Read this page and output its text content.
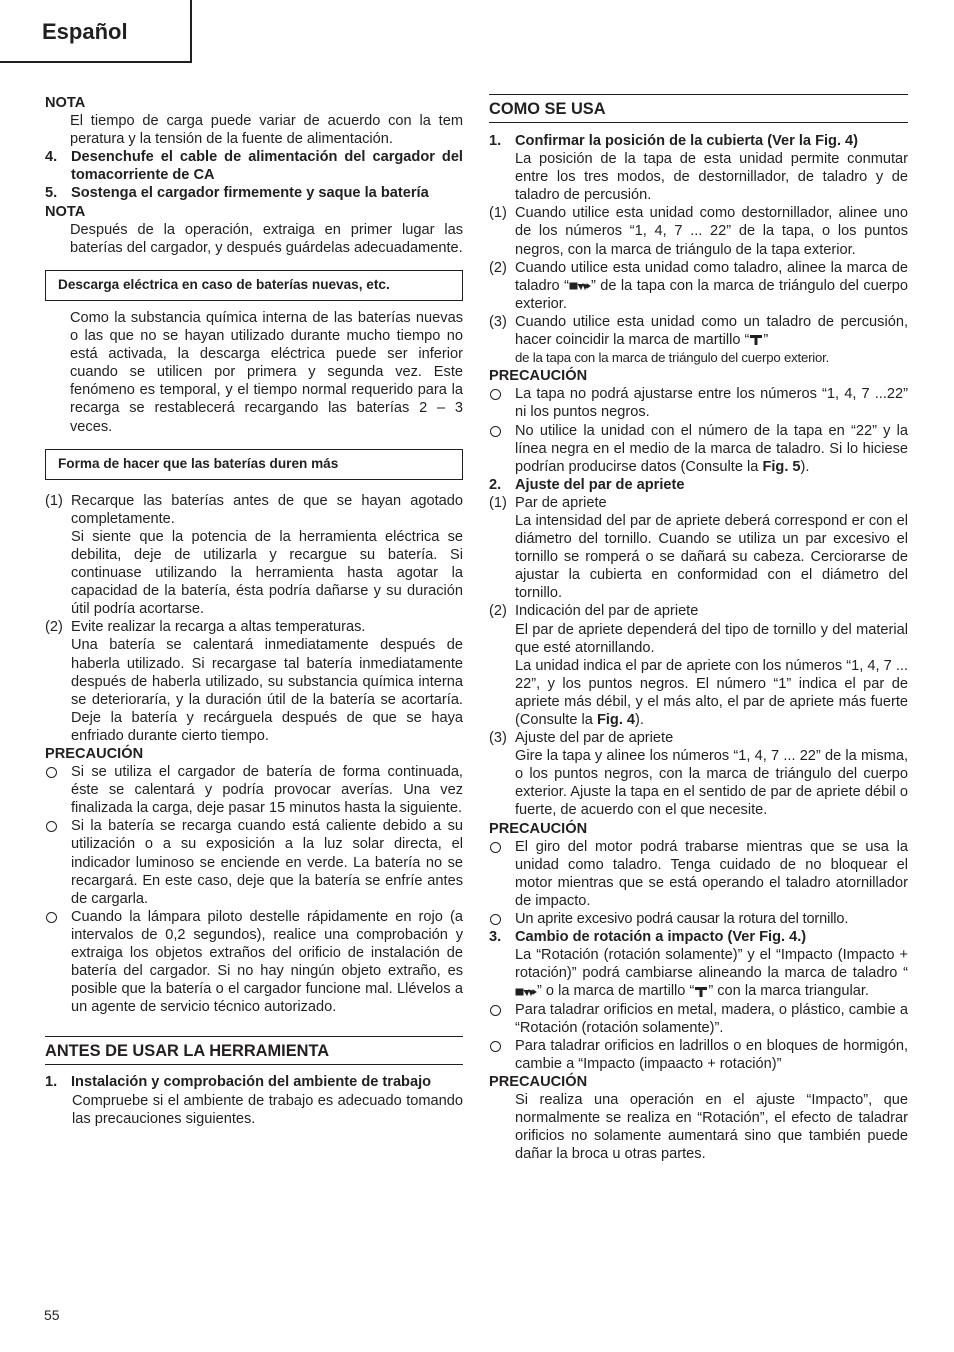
Español
NOTA
El tiempo de carga puede variar de acuerdo con la tem peratura y la tensión de la fuente de alimentación.
4. Desenchufe el cable de alimentación del cargador del tomacorriente de CA
5. Sostenga el cargador firmemente y saque la batería
NOTA
Después de la operación, extraiga en primer lugar las baterías del cargador, y después guárdelas adecuadamente.
Descarga eléctrica en caso de baterías nuevas, etc.
Como la substancia química interna de las baterías nuevas o las que no se hayan utilizado durante mucho tiempo no está activada, la descarga eléctrica puede ser inferior cuando se utilicen por primera y segunda vez. Este fenómeno es temporal, y el tiempo normal requerido para la recarga se restablecerá recargando las baterías 2 – 3 veces.
Forma de hacer que las baterías duren más
(1) Recarque las baterías antes de que se hayan agotado completamente.
Si siente que la potencia de la herramienta eléctrica se debilita, deje de utilizarla y recargue su batería. Si continuase utilizando la herramienta hasta agotar la capacidad de la batería, ésta podría dañarse y su duración útil podría acortarse.
(2) Evite realizar la recarga a altas temperaturas.
Una batería se calentará inmediatamente después de haberla utilizado. Si recargase tal batería inmediatamente después de haberla utilizado, su substancia química interna se deterioraría, y la duración útil de la batería se acortaría. Deje la batería y recárguela después de que se haya enfriado durante cierto tiempo.
PRECAUCIÓN
Si se utiliza el cargador de batería de forma continuada, éste se calentará y podría provocar averías. Una vez finalizada la carga, deje pasar 15 minutos hasta la siguiente.
Si la batería se recarga cuando está caliente debido a su utilización o a su exposición a la luz solar directa, el indicador luminoso se enciende en verde. La batería no se recargará. En este caso, deje que la batería se enfríe antes de cargarla.
Cuando la lámpara piloto destelle rápidamente en rojo (a intervalos de 0,2 segundos), realice una comprobación y extraiga los objetos extraños del orificio de instalación de batería del cargador. Si no hay ningún objeto extraño, es posible que la batería o el cargador funcione mal. Llévelos a un agente de servicio técnico autorizado.
ANTES DE USAR LA HERRAMIENTA
1. Instalación y comprobación del ambiente de trabajo
Compruebe si el ambiente de trabajo es adecuado tomando las precauciones siguientes.
COMO SE USA
1. Confirmar la posición de la cubierta (Ver la Fig. 4)
La posición de la tapa de esta unidad permite conmutar entre los tres modos, de destornillador, de taladro y de taladro de percusión.
(1) Cuando utilice esta unidad como destornillador, alinee uno de los números “1, 4, 7 ... 22” de la tapa, o los puntos negros, con la marca de triángulo de la tapa exterior.
(2) Cuando utilice esta unidad como taladro, alinee la marca de taladro “ ” de la tapa con la marca de triángulo del cuerpo exterior.
(3) Cuando utilice esta unidad como un taladro de percusión, hacer coincidir la marca de martillo “ ”
de la tapa con la marca de triángulo del cuerpo exterior.
PRECAUCIÓN
La tapa no podrá ajustarse entre los números “1, 4, 7 ...22” ni los puntos negros.
No utilice la unidad con el número de la tapa en “22” y la línea negra en el medio de la marca de taladro. Si lo hiciese podrían producirse datos (Consulte la Fig. 5).
2. Ajuste del par de apriete
(1) Par de apriete
La intensidad del par de apriete deberá correspond er con el diámetro del tornillo. Cuando se utiliza un par excesivo el tornillo se romperá o se dañará su cabeza. Cerciorarse de ajustar la cubierta en conformidad con el diámetro del tornillo.
(2) Indicación del par de apriete
El par de apriete dependerá del tipo de tornillo y del material que esté atornillando.
La unidad indica el par de apriete con los números “1, 4, 7 ... 22”, y los puntos negros. El número “1” indica el par de apriete más débil, y el más alto, el par de apriete más fuerte (Consulte la Fig. 4).
(3) Ajuste del par de apriete
Gire la tapa y alinee los números “1, 4, 7 ... 22” de la misma, o los puntos negros, con la marca de triángulo del cuerpo exterior. Ajuste la tapa en el sentido de par de apriete débil o fuerte, de acuerdo con el que necesite.
PRECAUCIÓN
El giro del motor podrá trabarse mientras que se usa la unidad como taladro. Tenga cuidado de no bloquear el motor mientras que se está operando el taladro atornillador de impacto.
Un aprite excesivo podrá causar la rotura del tornillo.
3. Cambio de rotación a impacto (Ver Fig. 4.)
La “Rotación (rotación solamente)” y el “Impacto (Impacto + rotación)” podrá cambiarse alineando la marca de taladro “” o la marca de martillo “ ” con la marca triangular.
Para taladrar orificios en metal, madera, o plástico, cambie a “Rotación (rotación solamente)”.
Para taladrar orificios en ladrillos o en bloques de hormigón, cambie a “Impacto (impaacto + rotación)”
PRECAUCIÓN
Si realiza una operación en el ajuste “Impacto”, que normalmente se realiza en “Rotación”, el efecto de taladrar orificios no solamente aumentará sino que también puede dañar la broca u otras partes.
55
